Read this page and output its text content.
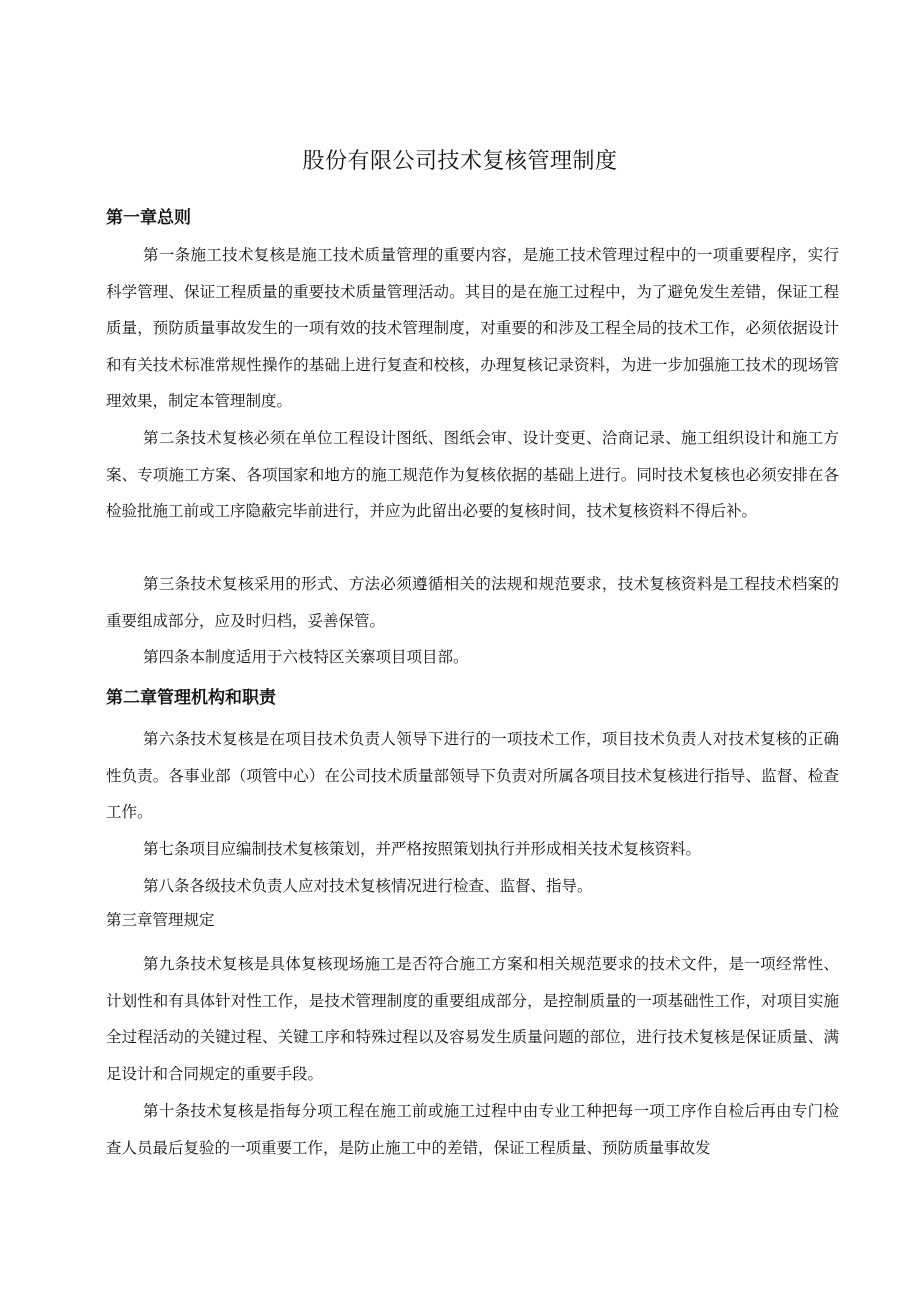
股份有限公司技术复核管理制度
第一章总则

第一条施工技术复核是施工技术质量管理的重要内容，是施工技术管理过程中的一项重要程序，实行科学管理、保证工程质量的重要技术质量管理活动。其目的是在施工过程中，为了避免发生差错，保证工程质量，预防质量事故发生的一项有效的技术管理制度，对重要的和涉及工程全局的技术工作，必须依据设计和有关技术标准常规性操作的基础上进行复查和校核，办理复核记录资料，为进一步加强施工技术的现场管理效果，制定本管理制度。

第二条技术复核必须在单位工程设计图纸、图纸会审、设计变更、洽商记录、施工组织设计和施工方案、专项施工方案、各项国家和地方的施工规范作为复核依据的基础上进行。同时技术复核也必须安排在各检验批施工前或工序隐蔽完毕前进行，并应为此留出必要的复核时间，技术复核资料不得后补。

第三条技术复核采用的形式、方法必须遵循相关的法规和规范要求，技术复核资料是工程技术档案的重要组成部分，应及时归档，妥善保管。

第四条本制度适用于六枝特区关寨项目项目部。

第二章管理机构和职责

第六条技术复核是在项目技术负责人领导下进行的一项技术工作，项目技术负责人对技术复核的正确性负责。各事业部（项管中心）在公司技术质量部领导下负责对所属各项目技术复核进行指导、监督、检查工作。

第七条项目应编制技术复核策划，并严格按照策划执行并形成相关技术复核资料。

第八条各级技术负责人应对技术复核情况进行检查、监督、指导。

第三章管理规定

第九条技术复核是具体复核现场施工是否符合施工方案和相关规范要求的技术文件，是一项经常性、计划性和有具体针对性工作，是技术管理制度的重要组成部分，是控制质量的一项基础性工作，对项目实施全过程活动的关键过程、关键工序和特殊过程以及容易发生质量问题的部位，进行技术复核是保证质量、满足设计和合同规定的重要手段。

第十条技术复核是指每分项工程在施工前或施工过程中由专业工种把每一项工序作自检后再由专门检查人员最后复验的一项重要工作，是防止施工中的差错，保证工程质量、预防质量事故发
